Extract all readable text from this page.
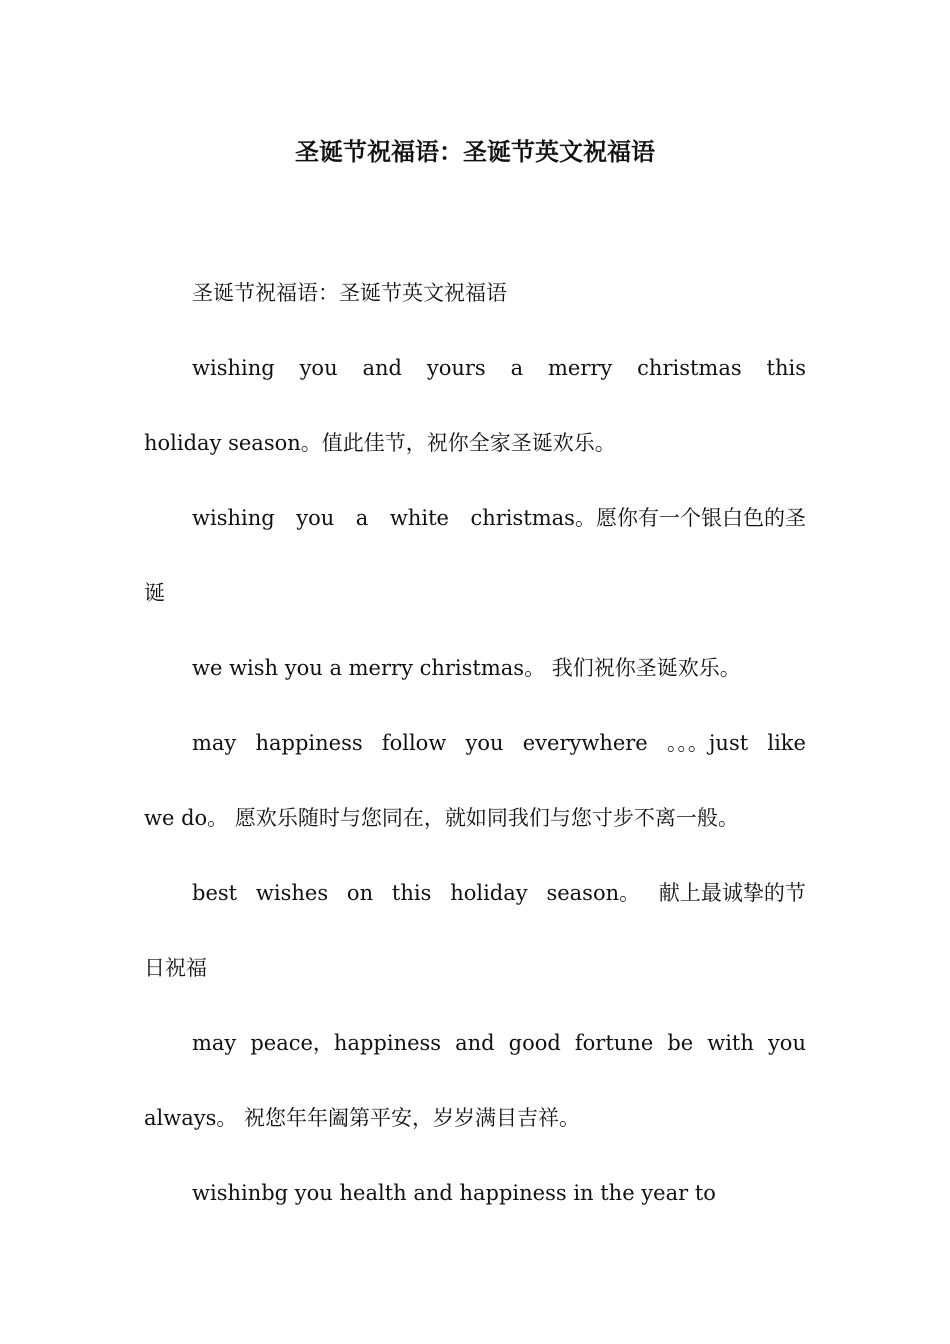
圣诞节祝福语：圣诞节英文祝福语

圣诞节祝福语：圣诞节英文祝福语

wishing you and yours a merry christmas this
holiday season。值此佳节，祝你全家圣诞欢乐。

wishing you a white christmas。愿你有一个银白色的圣
诞

we wish you a merry christmas。 我们祝你圣诞欢乐。

may happiness follow you everywhere 。。。just like
we do。 愿欢乐随时与您同在，就如同我们与您寸步不离一般。

best wishes on this holiday season。 献上最诚挚的节
日祝福

may peace，happiness and good fortune be with you
always。 祝您年年阖第平安，岁岁满目吉祥。

wishinbg you health and happiness in the year to
